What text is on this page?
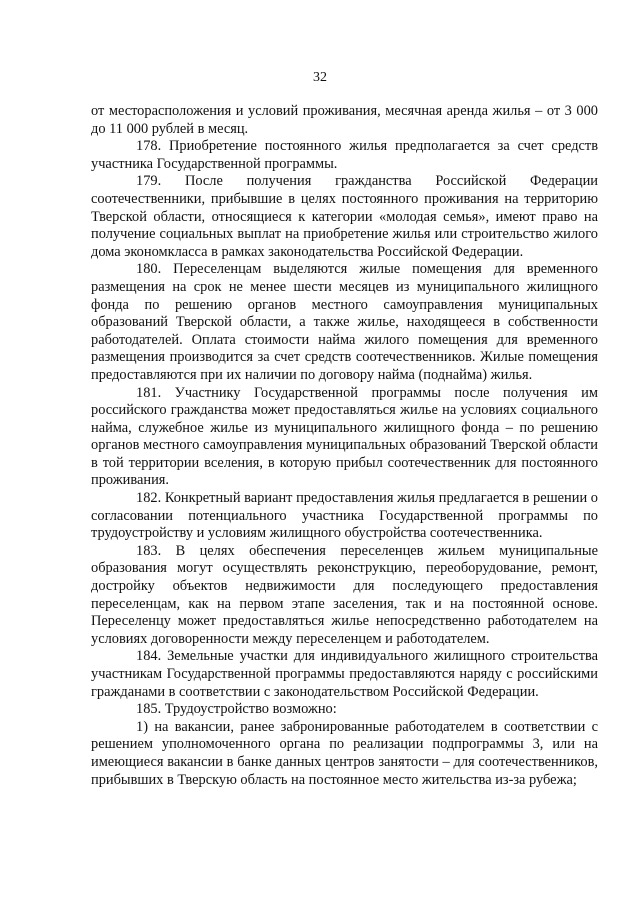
32

от месторасположения и условий проживания, месячная аренда жилья – от 3 000 до 11 000 рублей в месяц.

178. Приобретение постоянного жилья предполагается за счет средств участника Государственной программы.

179. После получения гражданства Российской Федерации соотечественники, прибывшие в целях постоянного проживания на территорию Тверской области, относящиеся к категории «молодая семья», имеют право на получение социальных выплат на приобретение жилья или строительство жилого дома экономкласса в рамках законодательства Российской Федерации.

180. Переселенцам выделяются жилые помещения для временного размещения на срок не менее шести месяцев из муниципального жилищного фонда по решению органов местного самоуправления муниципальных образований Тверской области, а также жилье, находящееся в собственности работодателей. Оплата стоимости найма жилого помещения для временного размещения производится за счет средств соотечественников. Жилые помещения предоставляются при их наличии по договору найма (поднайма) жилья.

181. Участнику Государственной программы после получения им российского гражданства может предоставляться жилье на условиях социального найма, служебное жилье из муниципального жилищного фонда – по решению органов местного самоуправления муниципальных образований Тверской области в той территории вселения, в которую прибыл соотечественник для постоянного проживания.

182. Конкретный вариант предоставления жилья предлагается в решении о согласовании потенциального участника Государственной программы по трудоустройству и условиям жилищного обустройства соотечественника.

183. В целях обеспечения переселенцев жильем муниципальные образования могут осуществлять реконструкцию, переоборудование, ремонт, достройку объектов недвижимости для последующего предоставления переселенцам, как на первом этапе заселения, так и на постоянной основе. Переселенцу может предоставляться жилье непосредственно работодателем на условиях договоренности между переселенцем и работодателем.

184. Земельные участки для индивидуального жилищного строительства участникам Государственной программы предоставляются наряду с российскими гражданами в соответствии с законодательством Российской Федерации.

185. Трудоустройство возможно:

1) на вакансии, ранее забронированные работодателем в соответствии с решением уполномоченного органа по реализации подпрограммы 3, или на имеющиеся вакансии в банке данных центров занятости – для соотечественников, прибывших в Тверскую область на постоянное место жительства из-за рубежа;
